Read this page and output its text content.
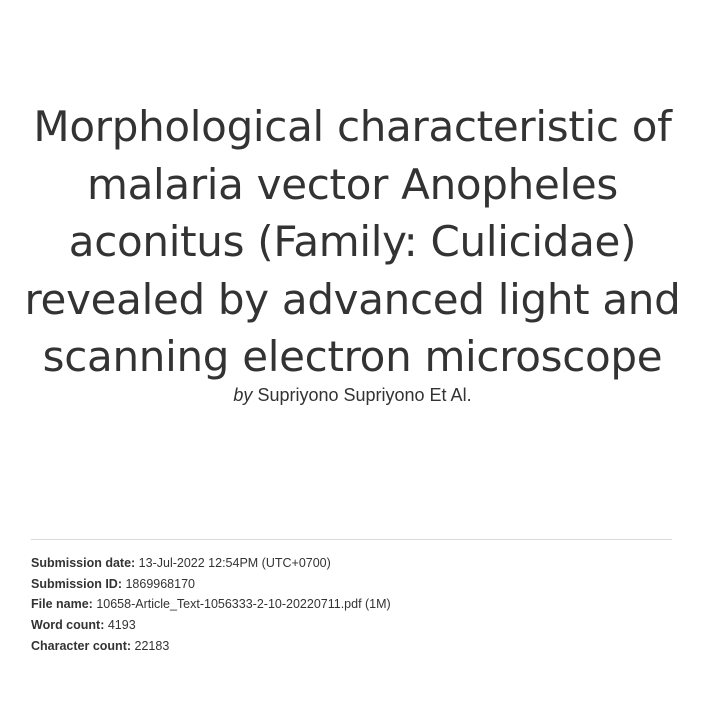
Morphological characteristic of malaria vector Anopheles aconitus (Family: Culicidae) revealed by advanced light and scanning electron microscope
by Supriyono Supriyono Et Al.
Submission date: 13-Jul-2022 12:54PM (UTC+0700)
Submission ID: 1869968170
File name: 10658-Article_Text-1056333-2-10-20220711.pdf (1M)
Word count: 4193
Character count: 22183
